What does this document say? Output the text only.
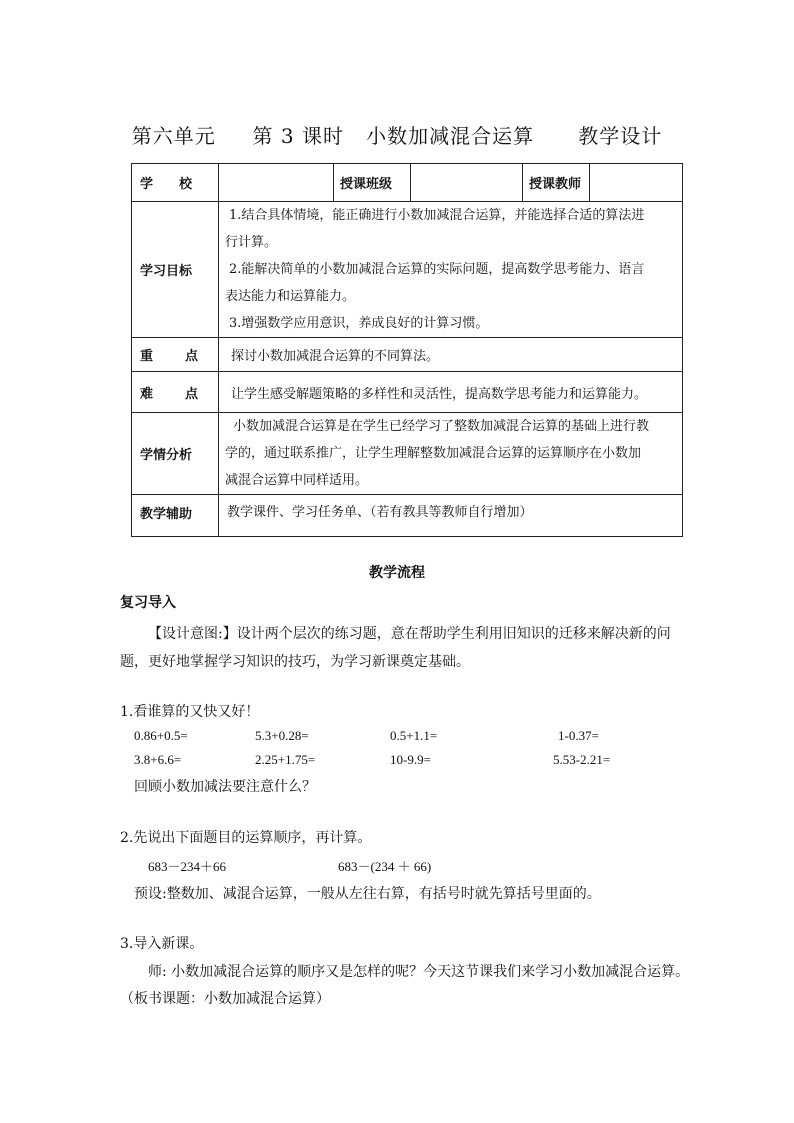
第六单元     第 3 课时   小数加减混合运算      教学设计
学 校		授课班级		授课教师	
学习目标	1.结合具体情境，能正确进行小数加减混合运算，并能选择合适的算法进
行计算。
2.能解决简单的小数加减混合运算的实际问题，提高数学思考能力、语言
表达能力和运算能力。
3.增强数学应用意识，养成良好的计算习惯。				

重 点	探讨小数加减混合运算的不同算法。				

难 点	让学生感受解题策略的多样性和灵活性，提高数学思考能力和运算能力。				
学情分析	小数加减混合运算是在学生已经学习了整数加减混合运算的基础上进行教
学的，通过联系推广，让学生理解整数加减混合运算的运算顺序在小数加
减混合运算中同样适用。				

教学辅助	教学课件、学习任务单、（若有教具等教师自行增加）				
教学流程
复习导入
【设计意图:】设计两个层次的练习题，意在帮助学生利用旧知识的迁移来解决新的问
题，更好地掌握学习知识的技巧，为学习新课奠定基础。
1.看谁算的又快又好！
0.86+0.5=	5.3+0.28=	0.5+1.1=	1-0.37=
3.8+6.6=	2.25+1.75=	10-9.9=	5.53-2.21=
回顾小数加减法要注意什么？
2.先说出下面题目的运算顺序，再计算。
683－234＋66	683－(234 ＋ 66)
预设:整数加、减混合运算，一般从左往右算，有括号时就先算括号里面的。
3.导入新课。
师: 小数加减混合运算的顺序又是怎样的呢？今天这节课我们来学习小数加减混合运算。
（板书课题：小数加减混合运算）
